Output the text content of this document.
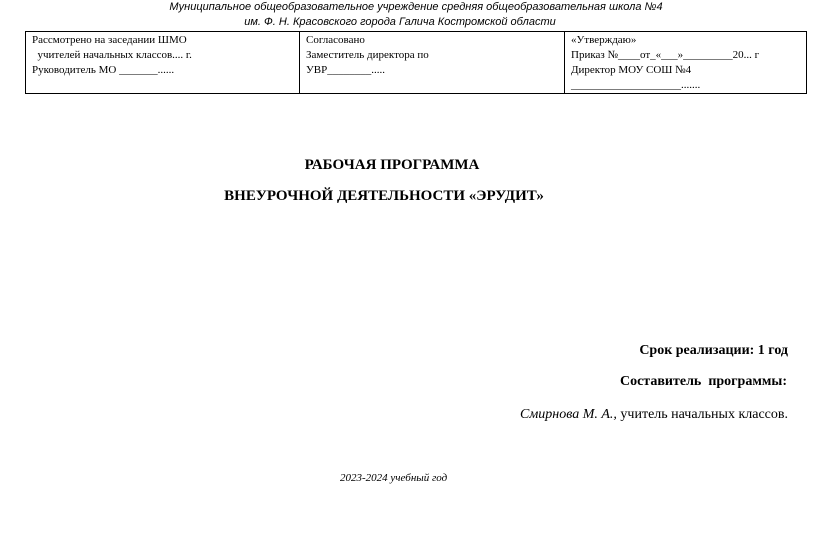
Муниципальное общеобразовательное учреждение средняя общеобразовательная школа №4
им. Ф. Н. Красовского города Галича Костромской области
Рассмотрено на заседании ШМО
учителей начальных классов.... г.
Руководитель МО _______......

Согласовано
Заместитель директора по
УВР________.....

«Утверждаю»
Приказ №____от_«___»_________20... г
Директор МОУ СОШ №4
____________________.......
РАБОЧАЯ ПРОГРАММА
ВНЕУРОЧНОЙ ДЕЯТЕЛЬНОСТИ «ЭРУДИТ»
Срок реализации: 1 год
Составитель  программы:
Смирнова М. А., учитель начальных классов.
2023-2024 учебный год
